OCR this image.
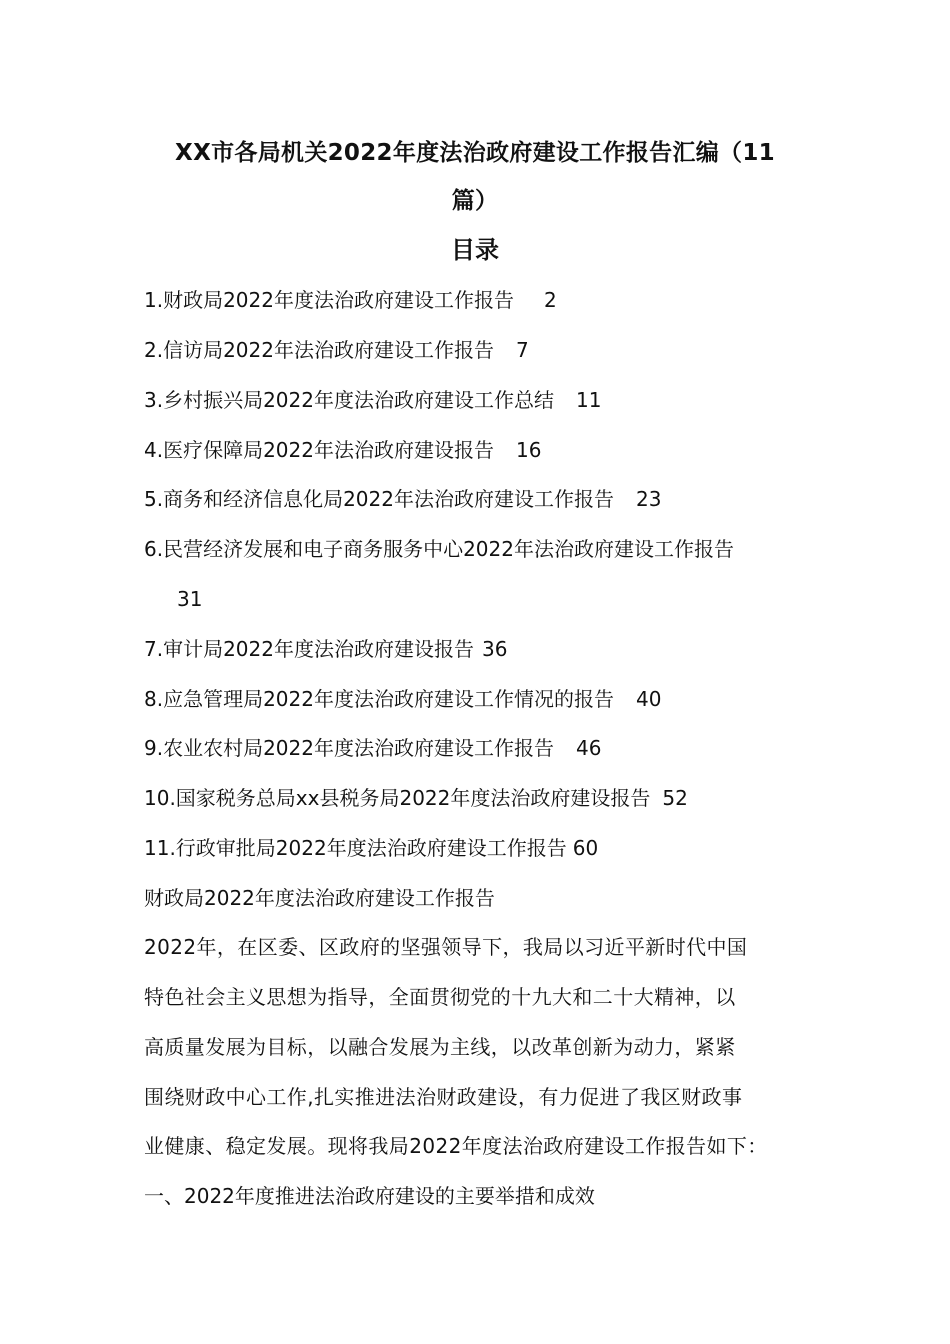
XX市各局机关2022年度法治政府建设工作报告汇编（11
篇）
目录
1.财政局2022年度法治政府建设工作报告 2
2.信访局2022年法治政府建设工作报告 7
3.乡村振兴局2022年度法治政府建设工作总结 11
4.医疗保障局2022年法治政府建设报告 16
5.商务和经济信息化局2022年法治政府建设工作报告 23
6.民营经济发展和电子商务服务中心2022年法治政府建设工作报告
31
7.审计局2022年度法治政府建设报告 36
8.应急管理局2022年度法治政府建设工作情况的报告 40
9.农业农村局2022年度法治政府建设工作报告 46
10.国家税务总局xx县税务局2022年度法治政府建设报告 52
11.行政审批局2022年度法治政府建设工作报告 60
财政局2022年度法治政府建设工作报告
2022年，在区委、区政府的坚强领导下，我局以习近平新时代中国
特色社会主义思想为指导，全面贯彻党的十九大和二十大精神，以
高质量发展为目标，以融合发展为主线，以改革创新为动力，紧紧
围绕财政中心工作,扎实推进法治财政建设，有力促进了我区财政事
业健康、稳定发展。现将我局2022年度法治政府建设工作报告如下：
一、2022年度推进法治政府建设的主要举措和成效
